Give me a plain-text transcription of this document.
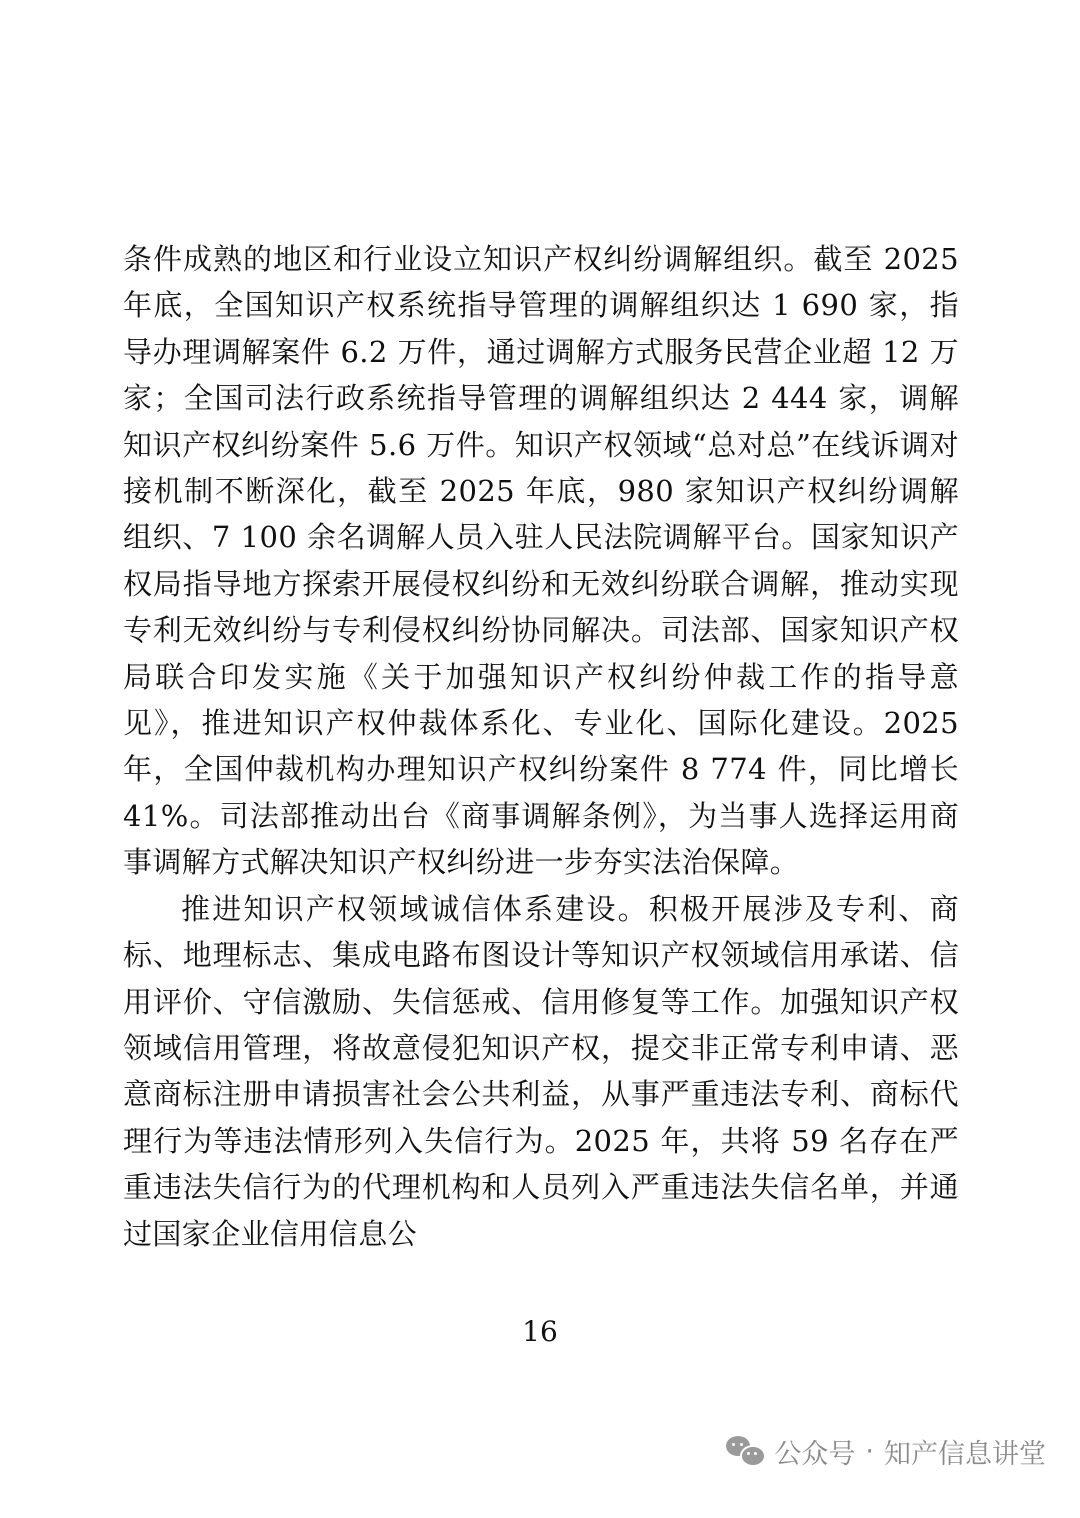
条件成熟的地区和行业设立知识产权纠纷调解组织。截至 2025 年底，全国知识产权系统指导管理的调解组织达 1 690 家，指导办理调解案件 6.2 万件，通过调解方式服务民营企业超 12 万家；全国司法行政系统指导管理的调解组织达 2 444 家，调解知识产权纠纷案件 5.6 万件。知识产权领域“总对总”在线诉调对接机制不断深化，截至 2025 年底，980 家知识产权纠纷调解组织、7 100 余名调解人员入驻人民法院调解平台。国家知识产权局指导地方探索开展侵权纠纷和无效纠纷联合调解，推动实现专利无效纠纷与专利侵权纠纷协同解决。司法部、国家知识产权局联合印发实施《关于加强知识产权纠纷仲裁工作的指导意见》，推进知识产权仲裁体系化、专业化、国际化建设。2025 年，全国仲裁机构办理知识产权纠纷案件 8 774 件，同比增长 41%。司法部推动出台《商事调解条例》，为当事人选择运用商事调解方式解决知识产权纠纷进一步夯实法治保障。

推进知识产权领域诚信体系建设。积极开展涉及专利、商标、地理标志、集成电路布图设计等知识产权领域信用承诺、信用评价、守信激励、失信惩戒、信用修复等工作。加强知识产权领域信用管理，将故意侵犯知识产权，提交非正常专利申请、恶意商标注册申请损害社会公共利益，从事严重违法专利、商标代理行为等违法情形列入失信行为。2025 年，共将 59 名存在严重违法失信行为的代理机构和人员列入严重违法失信名单，并通过国家企业信用信息公

16
公众号 · 知产信息讲堂
